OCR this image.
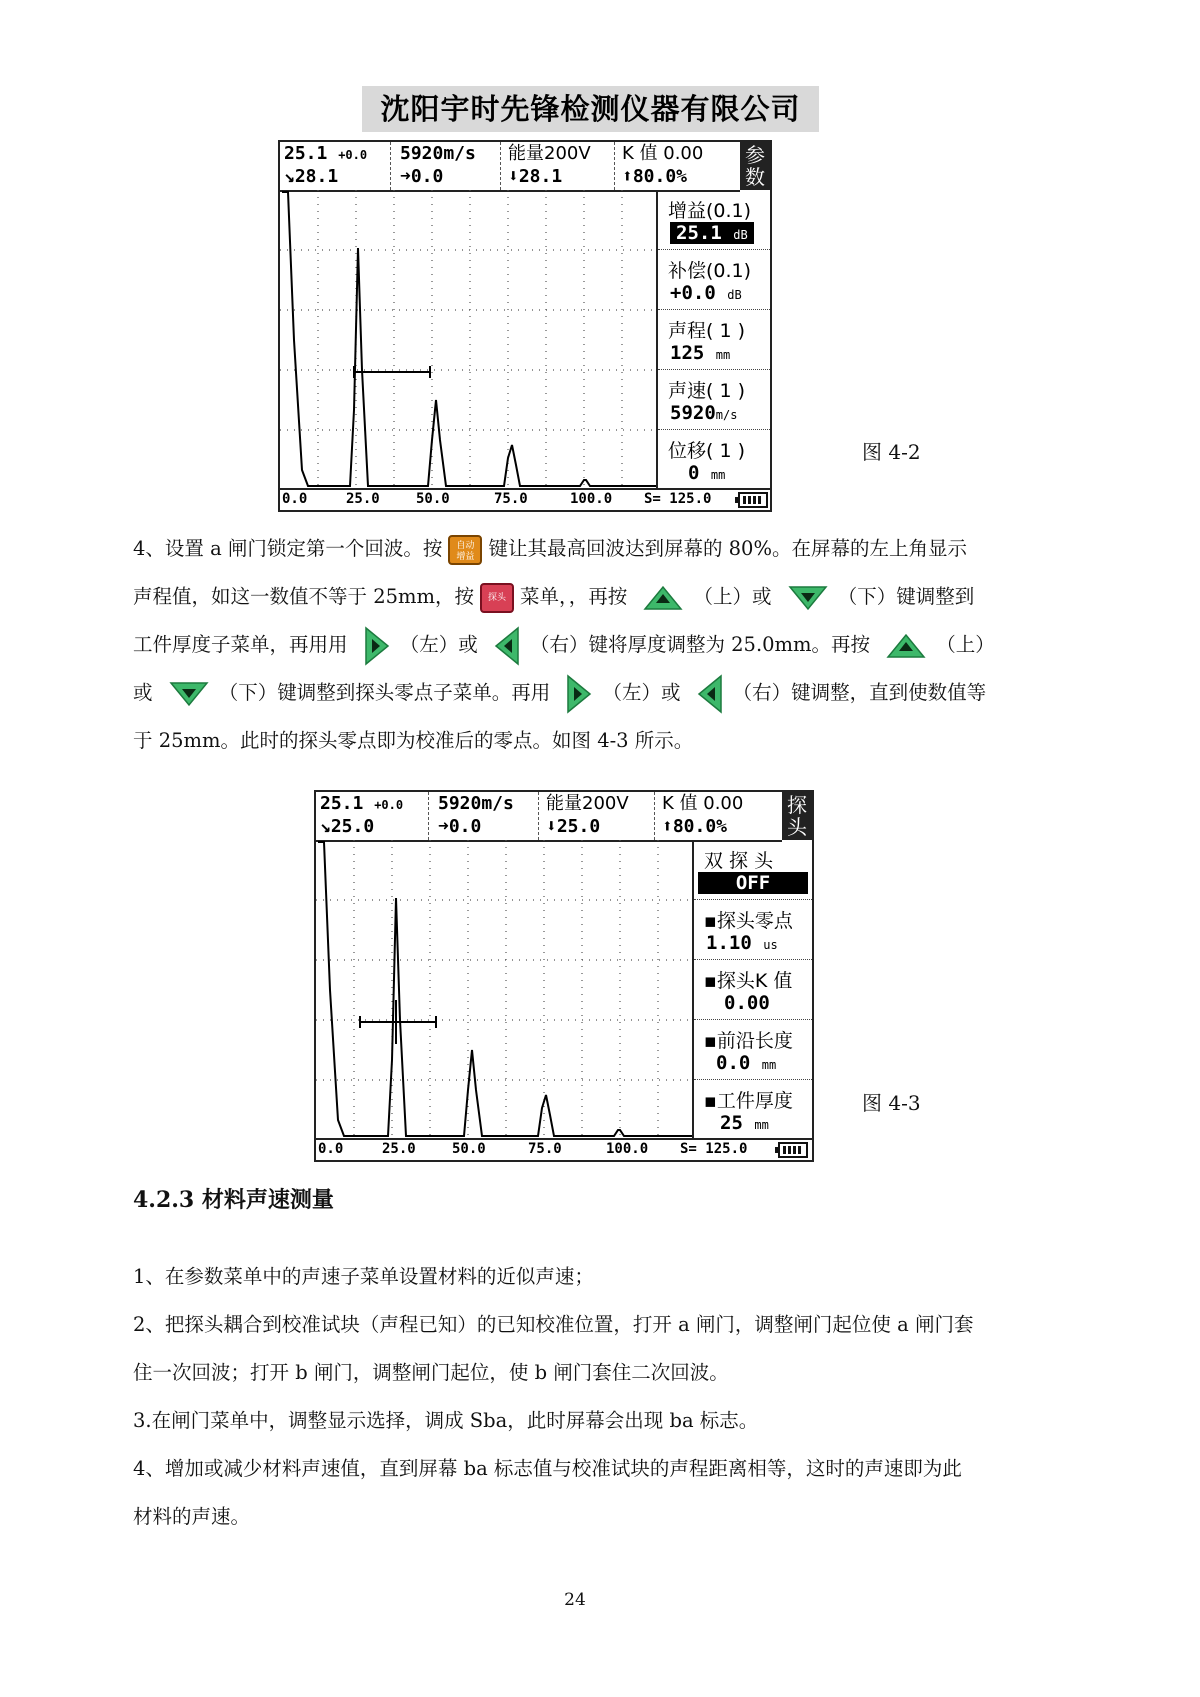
沈阳宇时先锋检测仪器有限公司
25.1 +0.0 5920m/s 能量200V K 值 0.00
↘28.1	➜0.0	⬇28.1	⬆80.0%
参数
增益(0.1)
25.1 dB
补偿(0.1)
+0.0 dB
声程( 1 )
125 mm
声速( 1 )
5920m/s
位移( 1 )
0 mm
0.0	25.0	50.0	75.0	100.0 S= 125.0
图 4-2
4、设置 a 闸门锁定第一个回波。按 自动
增益 键让其最高回波达到屏幕的 80%。在屏幕的左上角显示
声程值，如这一数值不等于 25mm，按 探头 菜单，，再按	（上）或	（下）键调整到
工件厚度子菜单，再用用	（左）或	（右）键将厚度调整为 25.0mm。再按	（上）
或	（下）键调整到探头零点子菜单。再用	（左）或	（右）键调整，直到使数值等
于 25mm。此时的探头零点即为校准后的零点。如图 4-3 所示。
25.1 +0.0 5920m/s 能量200V K 值 0.00
↘25.0	➜0.0	⬇25.0	⬆80.0%
探头
双 探 头
OFF
▪探头零点
1.10 us
▪探头K 值
0.00
▪前沿长度
0.0 mm
▪工件厚度
25 mm
0.0	25.0	50.0	75.0	100.0 S= 125.0
图 4-3
4.2.3 材料声速测量
1、在参数菜单中的声速子菜单设置材料的近似声速；
2、把探头耦合到校准试块（声程已知）的已知校准位置，打开 a 闸门，调整闸门起位使 a 闸门套
住一次回波；打开 b 闸门，调整闸门起位，使 b 闸门套住二次回波。
3.在闸门菜单中，调整显示选择，调成 Sba，此时屏幕会出现 ba 标志。
4、增加或减少材料声速值，直到屏幕 ba 标志值与校准试块的声程距离相等，这时的声速即为此
材料的声速。
24
